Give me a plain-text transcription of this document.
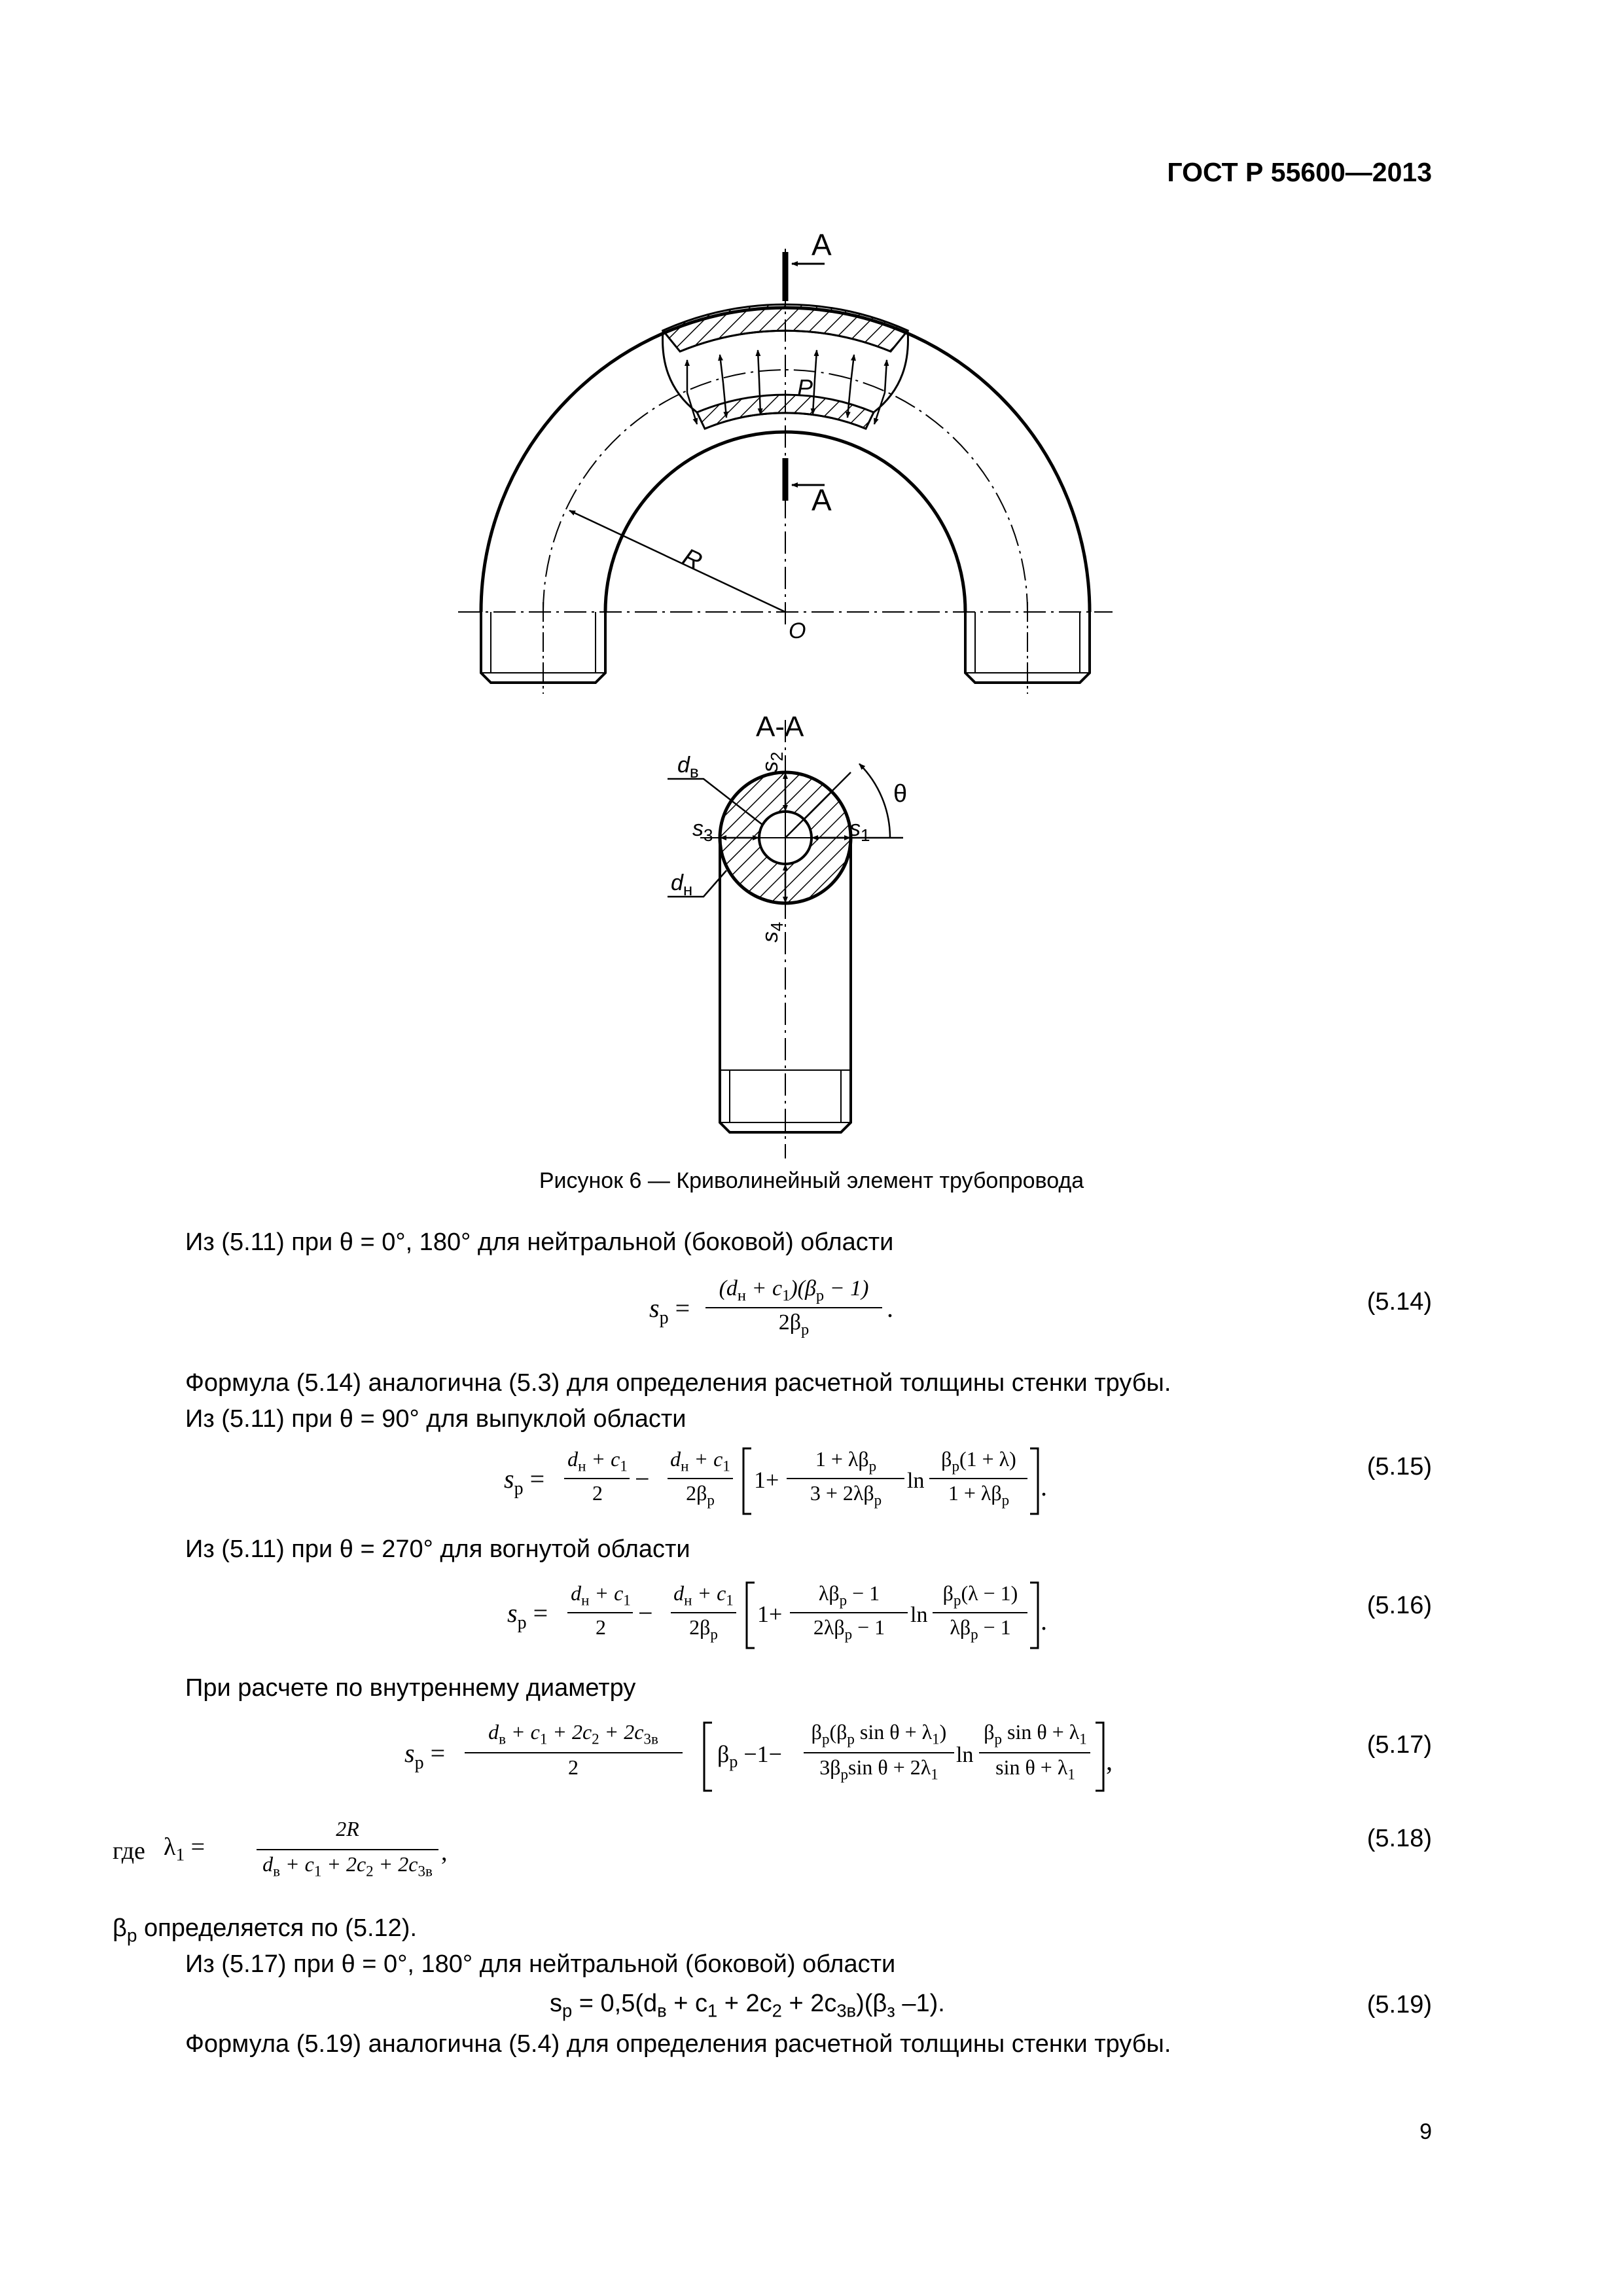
ГОСТ Р 55600—2013
А
А
R
O
P
А-А
$d_в$
$d_н$
$s_3$	$s_1$
$s_2$
$s_4$
θ
Рисунок 6 — Криволинейный элемент трубопровода
Из (5.11) при θ = 0°, 180° для нейтральной (боковой) области
$s_р$ =
$(d_н + c_1)(\beta_р - 1)$
$2\beta_р$
.	(5.14)
Формула (5.14) аналогична (5.3) для определения расчетной толщины стенки трубы.
Из (5.11) при θ = 90° для выпуклой области
$s_р$ =
$d_н + c_1$
2	−
$d_н + c_1$
$2\beta_р$
1+
$1 + \lambda\beta_р$
$3 + 2\lambda\beta_р$
ln
$\beta_р(1 + \lambda)$
$1 + \lambda\beta_р$	.
(5.15)
Из (5.11) при θ = 270° для вогнутой области
$s_р$ =
$d_н + c_1$
2	−
$d_н + c_1$
$2\beta_р$
1+
$\lambda\beta_р - 1$
$2\lambda\beta_р - 1$	ln
$\beta_р(\lambda - 1)$
$\lambda\beta_р - 1$	.
(5.16)
При расчете по внутреннему диаметру
$s_р$ =
$d_в + c_1 + 2c_2 + 2c_{3в}$
2	$\beta_р -1-$
$\beta_р(\beta_р$ $\sin \theta + \lambda_1$)
$3\beta_р\sin$ $\theta + 2\lambda_1$
ln
$\beta_р$ $\sin \theta + \lambda_1$
$\sin \theta + \lambda_1$	,
(5.17)
где $\lambda_1$ =
2R
$d_в + c_1 + 2c_2 + 2c_{3в}$
,	(5.18)
$\beta_р$ определяется по (5.12).
Из (5.17) при θ = 0°, 180° для нейтральной (боковой) области
$s_р = 0,5(d_в + c_1 + 2c_2 + 2c_{3в})(\beta_з$ –1).	(5.19)
Формула (5.19) аналогична (5.4) для определения расчетной толщины стенки трубы.
9
